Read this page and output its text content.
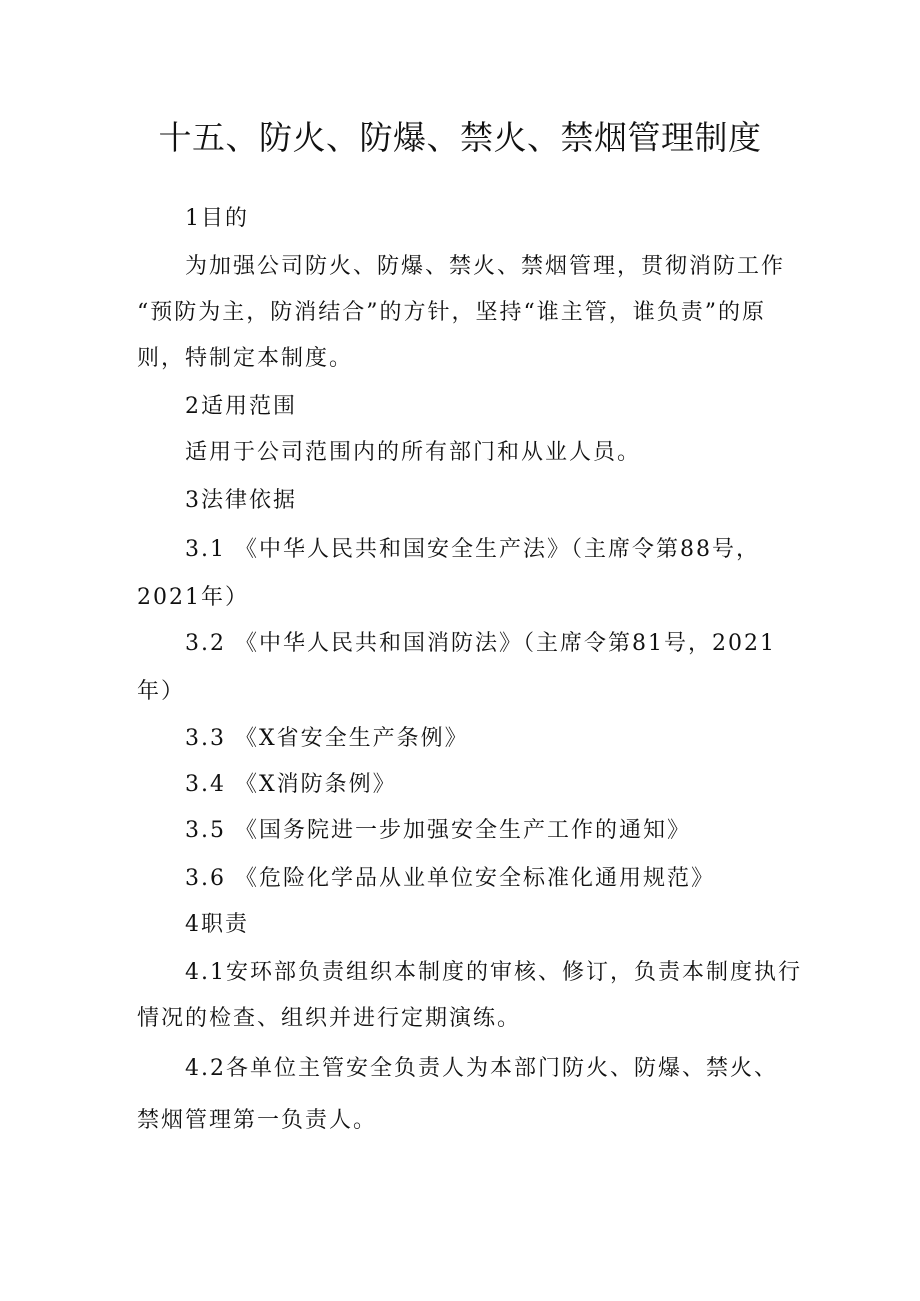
十五、防火、防爆、禁火、禁烟管理制度

1目的

为加强公司防火、防爆、禁火、禁烟管理，贯彻消防工作
“预防为主，防消结合”的方针，坚持“谁主管，谁负责”的原
则，特制定本制度。

2适用范围

适用于公司范围内的所有部门和从业人员。

3法律依据

3.1 《中华人民共和国安全生产法》（主席令第88号，
2021年）

3.2 《中华人民共和国消防法》（主席令第81号，2021
年）

3.3 《X省安全生产条例》

3.4 《X消防条例》

3.5 《国务院进一步加强安全生产工作的通知》

3.6 《危险化学品从业单位安全标准化通用规范》

4职责

4.1安环部负责组织本制度的审核、修订，负责本制度执行
情况的检查、组织并进行定期演练。

4.2各单位主管安全负责人为本部门防火、防爆、禁火、
禁烟管理第一负责人。
